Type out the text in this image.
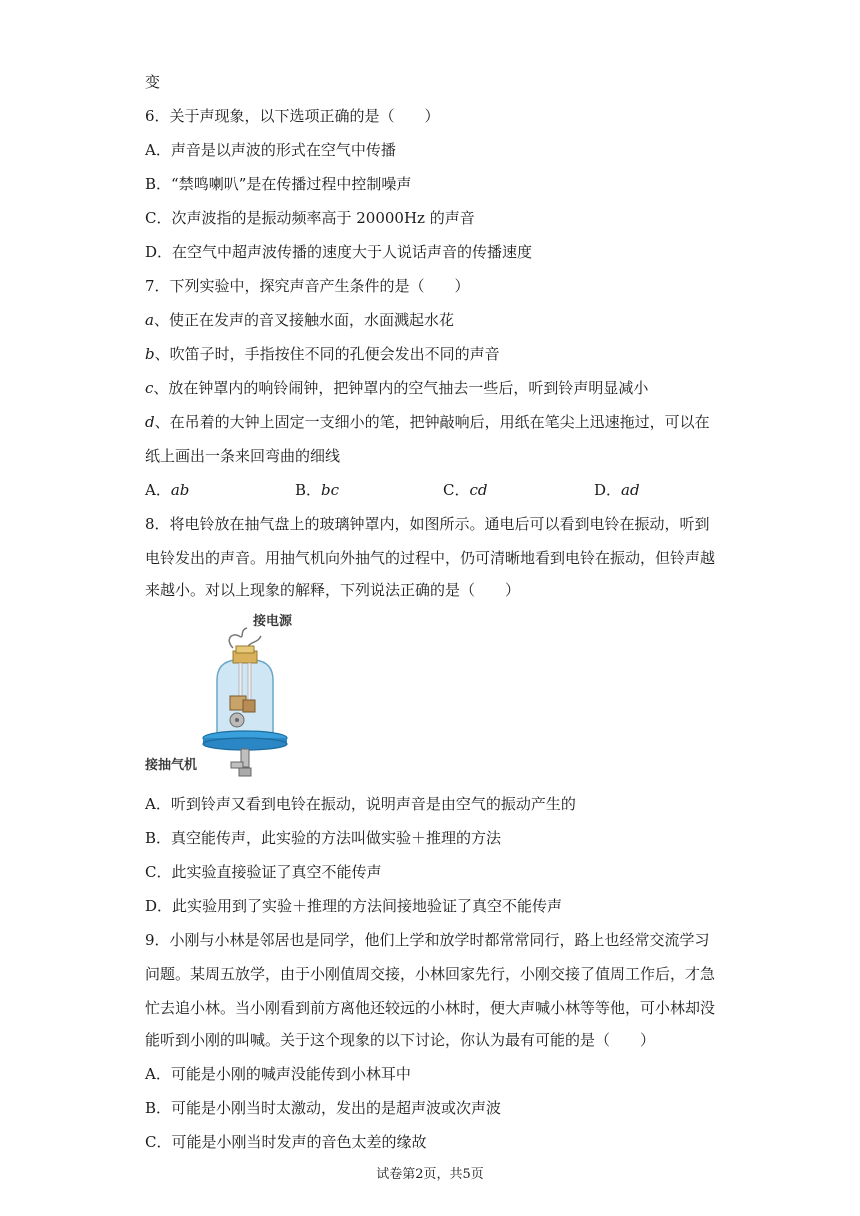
变
6．关于声现象，以下选项正确的是（　　）
A．声音是以声波的形式在空气中传播
B．“禁鸣喇叭”是在传播过程中控制噪声
C．次声波指的是振动频率高于 20000Hz 的声音
D．在空气中超声波传播的速度大于人说话声音的传播速度
7．下列实验中，探究声音产生条件的是（　　）
a、使正在发声的音叉接触水面，水面溅起水花
b、吹笛子时，手指按住不同的孔便会发出不同的声音
c、放在钟罩内的响铃闹钟，把钟罩内的空气抽去一些后，听到铃声明显减小
d、在吊着的大钟上固定一支细小的笔，把钟敲响后，用纸在笔尖上迅速拖过，可以在
纸上画出一条来回弯曲的细线
A．ab	B．bc	C．cd	D．ad
8．将电铃放在抽气盘上的玻璃钟罩内，如图所示。通电后可以看到电铃在振动，听到
电铃发出的声音。用抽气机向外抽气的过程中，仍可清晰地看到电铃在振动，但铃声越
来越小。对以上现象的解释，下列说法正确的是（　　）
接电源
接抽气机
A．听到铃声又看到电铃在振动，说明声音是由空气的振动产生的
B．真空能传声，此实验的方法叫做实验＋推理的方法
C．此实验直接验证了真空不能传声
D．此实验用到了实验＋推理的方法间接地验证了真空不能传声
9．小刚与小林是邻居也是同学，他们上学和放学时都常常同行，路上也经常交流学习
问题。某周五放学，由于小刚值周交接，小林回家先行，小刚交接了值周工作后，才急
忙去追小林。当小刚看到前方离他还较远的小林时，便大声喊小林等等他，可小林却没
能听到小刚的叫喊。关于这个现象的以下讨论，你认为最有可能的是（　　）
A．可能是小刚的喊声没能传到小林耳中
B．可能是小刚当时太激动，发出的是超声波或次声波
C．可能是小刚当时发声的音色太差的缘故
试卷第2页，共5页
